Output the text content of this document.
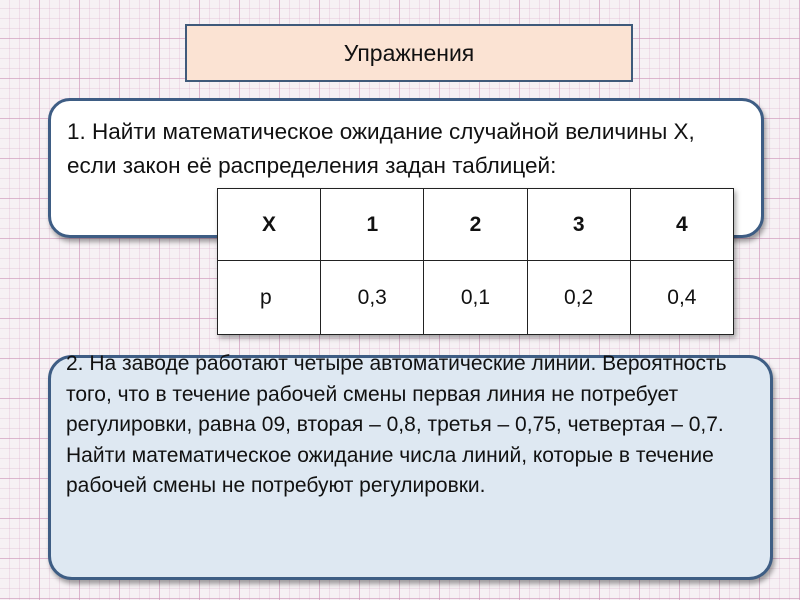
Упражнения
1. Найти математическое ожидание случайной величины X, если закон её распределения задан таблицей:
X	1	2	3	4
p	0,3	0,1	0,2	0,4
2. На заводе работают четыре автоматические линии. Вероятность того, что в течение рабочей смены первая линия не потребует регулировки, равна 09, вторая – 0,8, третья – 0,75, четвертая – 0,7. Найти математическое ожидание числа линий, которые в течение рабочей смены не потребуют регулировки.
